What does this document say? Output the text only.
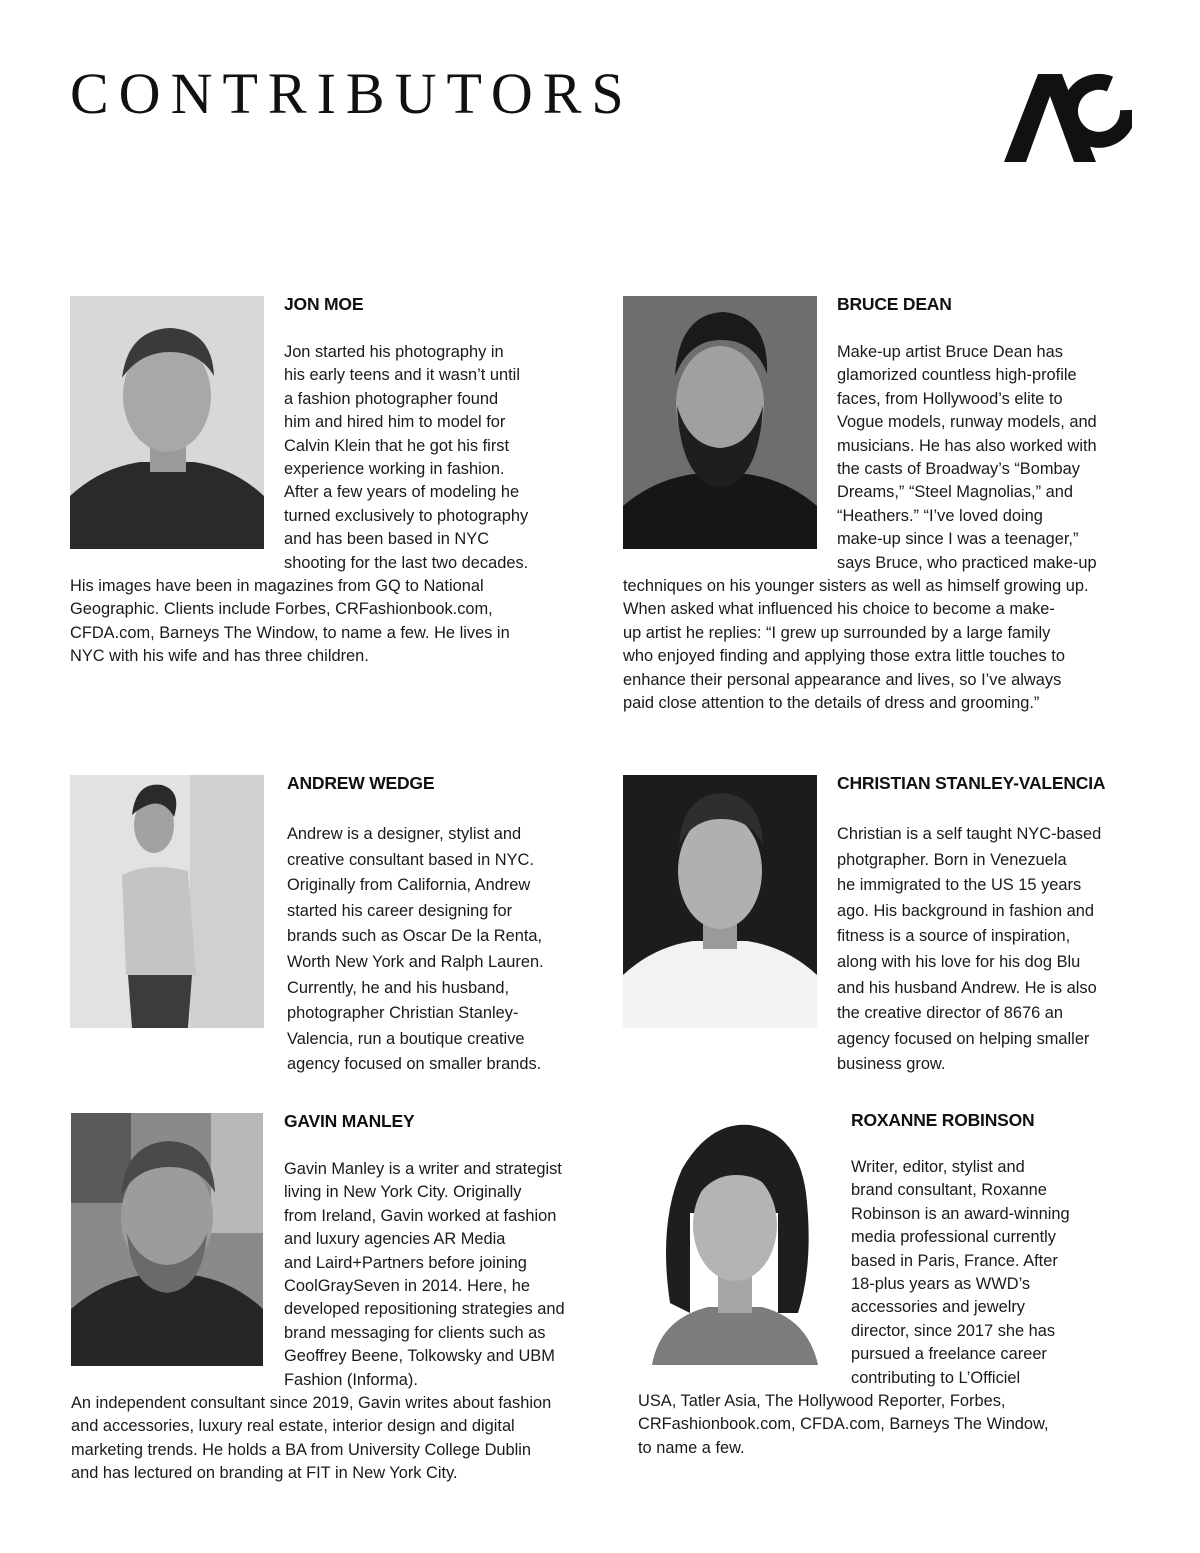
CONTRIBUTORS
JON MOE
Jon started his photography in
his early teens and it wasn’t until
a fashion photographer found
him and hired him to model for
Calvin Klein that he got his first
experience working in fashion.
After a few years of modeling he
turned exclusively to photography
and has been based in NYC
shooting for the last two decades.
His images have been in magazines from GQ to National
Geographic. Clients include Forbes, CRFashionbook.com,
CFDA.com, Barneys The Window, to name a few. He lives in
NYC with his wife and has three children.
BRUCE DEAN
Make-up artist Bruce Dean has
glamorized countless high-profile
faces, from Hollywood’s elite to
Vogue models, runway models, and
musicians. He has also worked with
the casts of Broadway’s “Bombay
Dreams,” “Steel Magnolias,” and
“Heathers.” “I’ve loved doing
make-up since I was a teenager,”
says Bruce, who practiced make-up
techniques on his younger sisters as well as himself growing up.
When asked what influenced his choice to become a make-
up artist he replies: “I grew up surrounded by a large family
who enjoyed finding and applying those extra little touches to
enhance their personal appearance and lives, so I’ve always
paid close attention to the details of dress and grooming.”
ANDREW WEDGE
Andrew is a designer, stylist and
creative consultant based in NYC.
Originally from California, Andrew
started his career designing for
brands such as Oscar De la Renta,
Worth New York and Ralph Lauren.
Currently, he and his husband,
photographer Christian Stanley-
Valencia, run a boutique creative
agency focused on smaller brands.
CHRISTIAN STANLEY-VALENCIA
Christian is a self taught NYC-based
photgrapher. Born in Venezuela
he immigrated to the US 15 years
ago. His background in fashion and
fitness is a source of inspiration,
along with his love for his dog Blu
and his husband Andrew. He is also
the creative director of 8676 an
agency focused on helping smaller
business grow.
GAVIN MANLEY
Gavin Manley is a writer and strategist
living in New York City. Originally
from Ireland, Gavin worked at fashion
and luxury agencies AR Media
and Laird+Partners before joining
CoolGraySeven in 2014. Here, he
developed repositioning strategies and
brand messaging for clients such as
Geoffrey Beene, Tolkowsky and UBM
Fashion (Informa).
An independent consultant since 2019, Gavin writes about fashion
and accessories, luxury real estate, interior design and digital
marketing trends. He holds a BA from University College Dublin
and has lectured on branding at FIT in New York City.
ROXANNE ROBINSON
Writer, editor, stylist and
brand consultant, Roxanne
Robinson is an award-winning
media professional currently
based in Paris, France. After
18-plus years as WWD’s
accessories and jewelry
director, since 2017 she has
pursued a freelance career
contributing to L’Officiel
USA, Tatler Asia, The Hollywood Reporter, Forbes,
CRFashionbook.com, CFDA.com, Barneys The Window,
to name a few.
